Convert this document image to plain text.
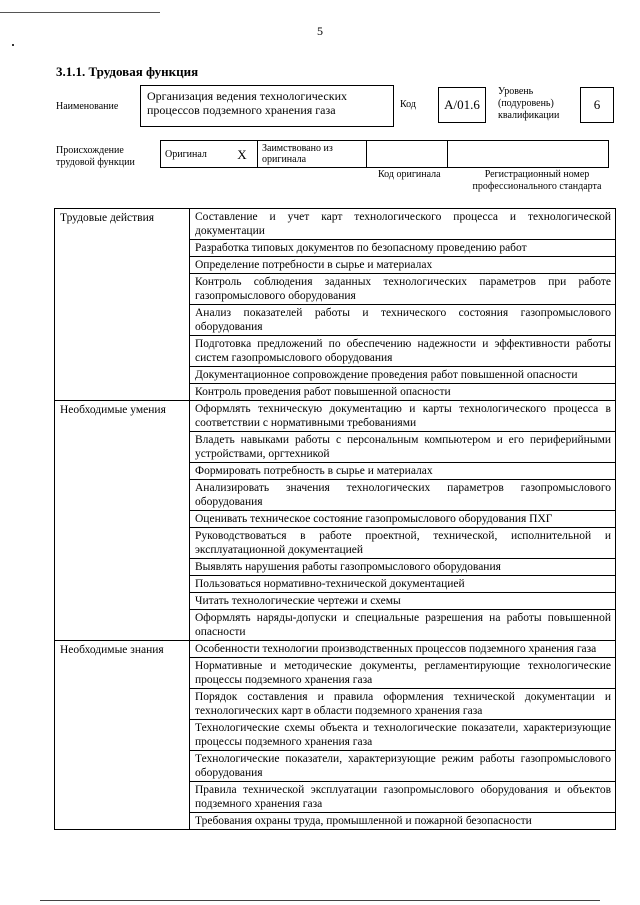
5
3.1.1. Трудовая функция
Наименование
Организация ведения технологических процессов подземного хранения газа	Код	А/01.6
Уровень (подуровень) квалификации
6
Происхождение трудовой функции
Оригинал	X	Заимствовано из оригинала		
Код оригинала	Регистрационный номер профессионального стандарта
Трудовые действия	Составление и учет карт технологического процесса и технологической документации
	Разработка типовых документов по безопасному проведению работ
	Определение потребности в сырье и материалах
	Контроль соблюдения заданных технологических параметров при работе газопромыслового оборудования
	Анализ показателей работы и технического состояния газопромыслового оборудования
	Подготовка предложений по обеспечению надежности и эффективности работы систем газопромыслового оборудования
	Документационное сопровождение проведения работ повышенной опасности
	Контроль проведения работ повышенной опасности
Необходимые умения	Оформлять техническую документацию и карты технологического процесса в соответствии с нормативными требованиями
	Владеть навыками работы с персональным компьютером и его периферийными устройствами, оргтехникой
	Формировать потребность в сырье и материалах
	Анализировать значения технологических параметров газопромыслового оборудования
	Оценивать техническое состояние газопромыслового оборудования ПХГ
	Руководствоваться в работе проектной, технической, исполнительной и эксплуатационной документацией
	Выявлять нарушения работы газопромыслового оборудования
	Пользоваться нормативно-технической документацией
	Читать технологические чертежи и схемы
	Оформлять наряды-допуски и специальные разрешения на работы повышенной опасности
Необходимые знания	Особенности технологии производственных процессов подземного хранения газа
	Нормативные и методические документы, регламентирующие технологические процессы подземного хранения газа
	Порядок составления и правила оформления технической документации и технологических карт в области подземного хранения газа
	Технологические схемы объекта и технологические показатели, характеризующие процессы подземного хранения газа
	Технологические показатели, характеризующие режим работы газопромыслового оборудования
	Правила технической эксплуатации газопромыслового оборудования и объектов подземного хранения газа
	Требования охраны труда, промышленной и пожарной безопасности
